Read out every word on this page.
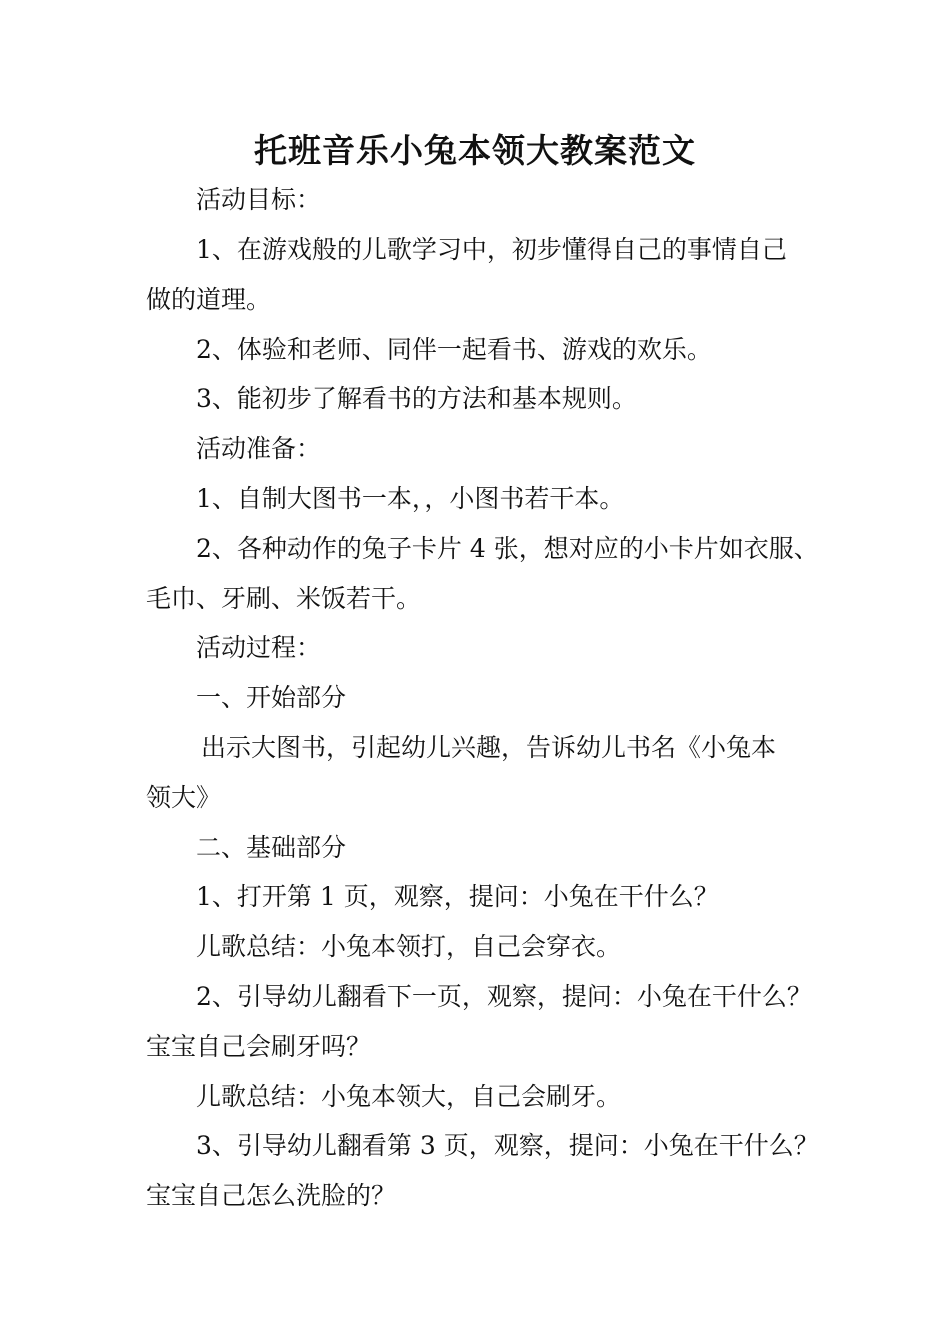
托班音乐小兔本领大教案范文
活动目标：
1、在游戏般的儿歌学习中，初步懂得自己的事情自己
做的道理。
2、体验和老师、同伴一起看书、游戏的欢乐。
3、能初步了解看书的方法和基本规则。
活动准备：
1、自制大图书一本，，小图书若干本。
2、各种动作的兔子卡片 4 张，想对应的小卡片如衣服、
毛巾、牙刷、米饭若干。
活动过程：
一、开始部分
出示大图书，引起幼儿兴趣，告诉幼儿书名《小兔本
领大》
二、基础部分
1、打开第 1 页，观察，提问：小兔在干什么？
儿歌总结：小兔本领打，自己会穿衣。
2、引导幼儿翻看下一页，观察，提问：小兔在干什么？
宝宝自己会刷牙吗？
儿歌总结：小兔本领大，自己会刷牙。
3、引导幼儿翻看第 3 页，观察，提问：小兔在干什么？
宝宝自己怎么洗脸的？
